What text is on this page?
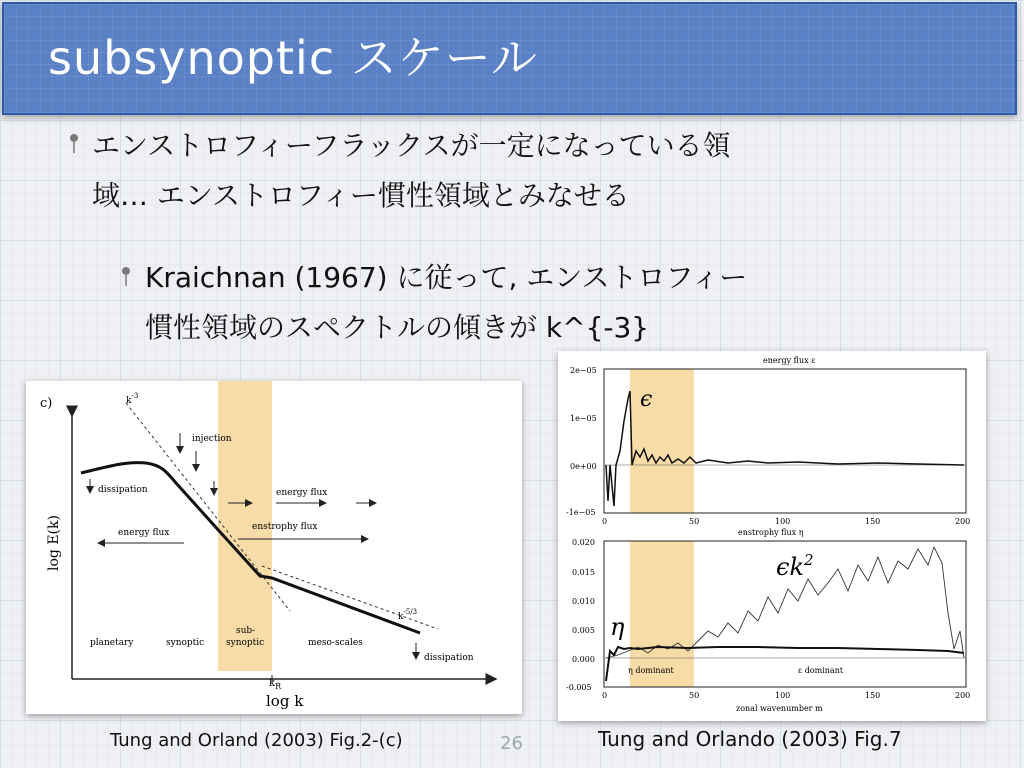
subsynoptic スケール
エンストロフィーフラックスが一定になっている領
域… エンストロフィー慣性領域とみなせる
Kraichnan (1967) に従って, エンストロフィー
慣性領域のスペクトルの傾きが k^{-3}
c)
log E(k)
log k
$k_R$
$k^{-3}$
$k^{-5/3}$
injection
dissipation	energy flux
energy flux
enstrophy flux
planetary	synoptic
sub-
synoptic	meso-scales
dissipation
energy flux ε
2e−05
1e−05
0e+00
-1e−05
0	50	100	150	200
ϵ
enstrophy flux η
0.020
0.015
0.010
0.005
0.000
-0.005
0	50	100	150	200
zonal wavenumber m
η dominant	ε dominant
$\epsilon k^2$
η
Tung and Orland (2003) Fig.2-(c)	26	Tung and Orlando (2003) Fig.7
